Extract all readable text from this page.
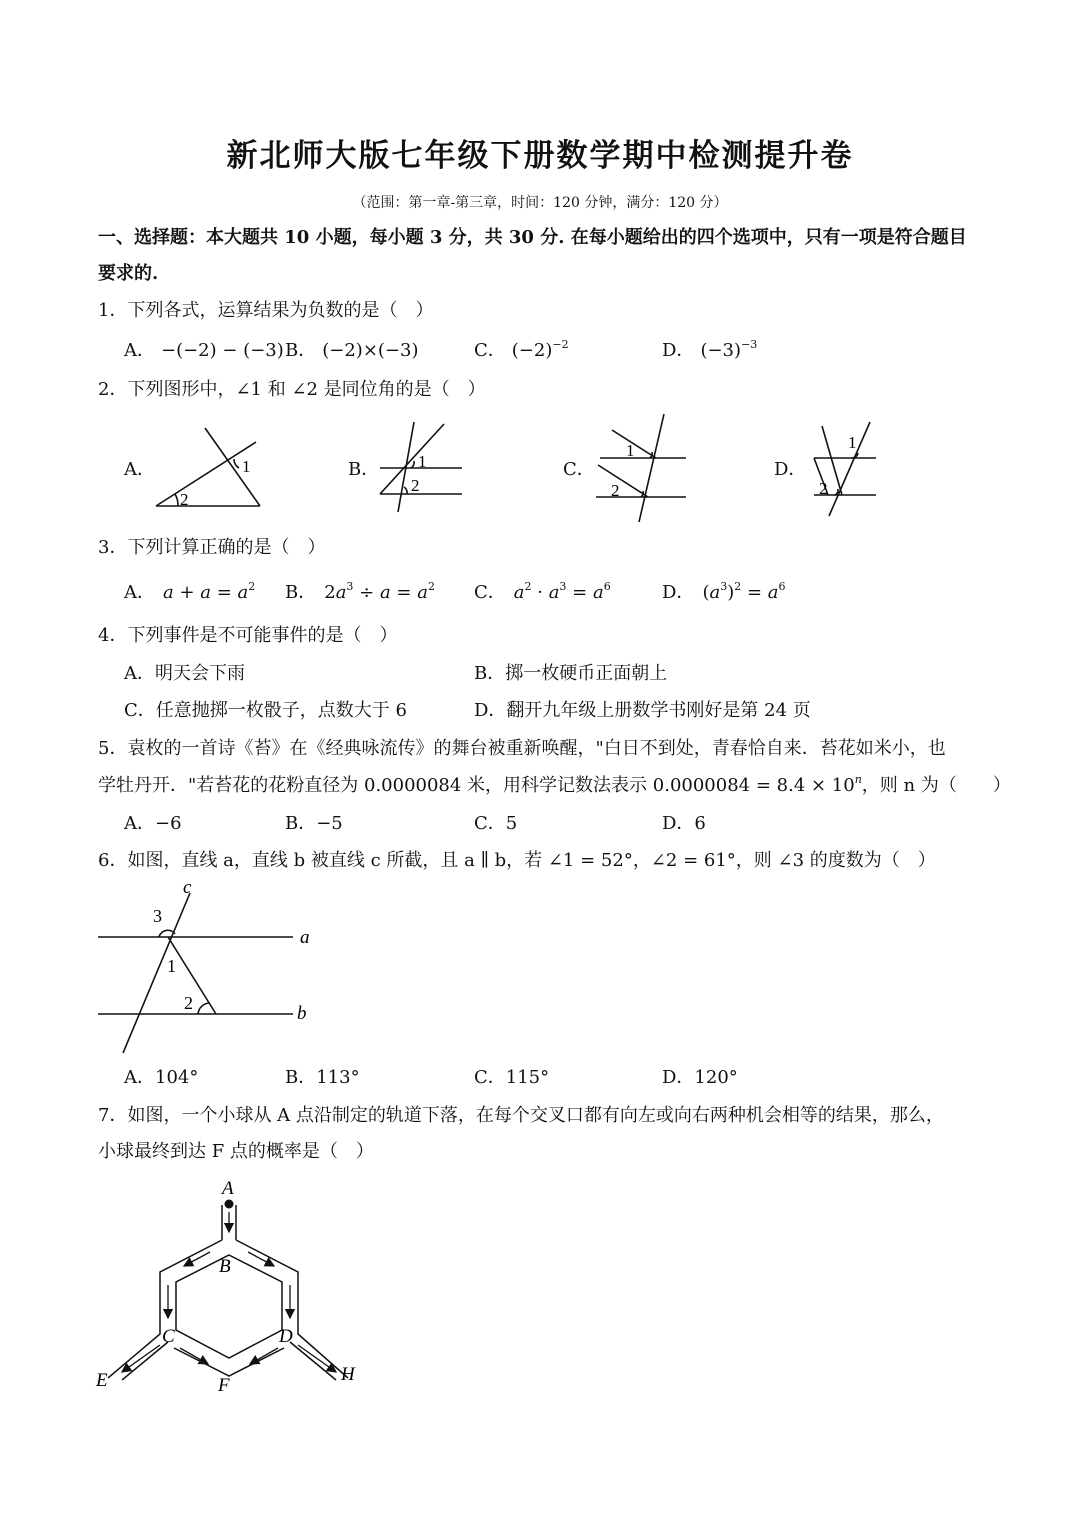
新北师大版七年级下册数学期中检测提升卷
（范围：第一章-第三章，时间：120 分钟，满分：120 分）
一、选择题：本大题共 10 小题，每小题 3 分，共 30 分. 在每小题给出的四个选项中，只有一项是符合题目
要求的.
1．下列各式，运算结果为负数的是（　）
A． −(−2) − (−3) B． (−2)×(−3)	C． $(-2)^{-2}$	D． $(-3)^{-3}$
2．下列图形中，∠1 和 ∠2 是同位角的是（　）
A．	B．	C．	D．
1
2
1
2
1
2
1
2
3．下列计算正确的是（　）
A． $a + a = a^2$ B． $2a^3 \div a = a^2$ C． $a^2 \cdot a^3 = a^6$	D． $(a^3)^2 = a^6$
4．下列事件是不可能事件的是（　）
A．明天会下雨	B．掷一枚硬币正面朝上
C．任意抛掷一枚骰子，点数大于 6	D．翻开九年级上册数学书刚好是第 24 页
5．袁枚的一首诗《苔》在《经典咏流传》的舞台被重新唤醒，"白日不到处，青春恰自来．苔花如米小，也
学牡丹开．"若苔花的花粉直径为 0.0000084 米，用科学记数法表示 $0.0000084 = 8.4 \times 10^n$，则 n 为（　　）
A．−6	B．−5	C．5	D．6
6．如图，直线 a，直线 b 被直线 c 所截，且 a ∥ b，若 ∠1 = 52°，∠2 = 61°，则 ∠3 的度数为（　）
c
a
b
3
1
2
A．104°	B．113°	C．115°	D．120°
7．如图，一个小球从 A 点沿制定的轨道下落，在每个交叉口都有向左或向右两种机会相等的结果，那么，
小球最终到达 F 点的概率是（　）
A
B
C	D
E	F
H
